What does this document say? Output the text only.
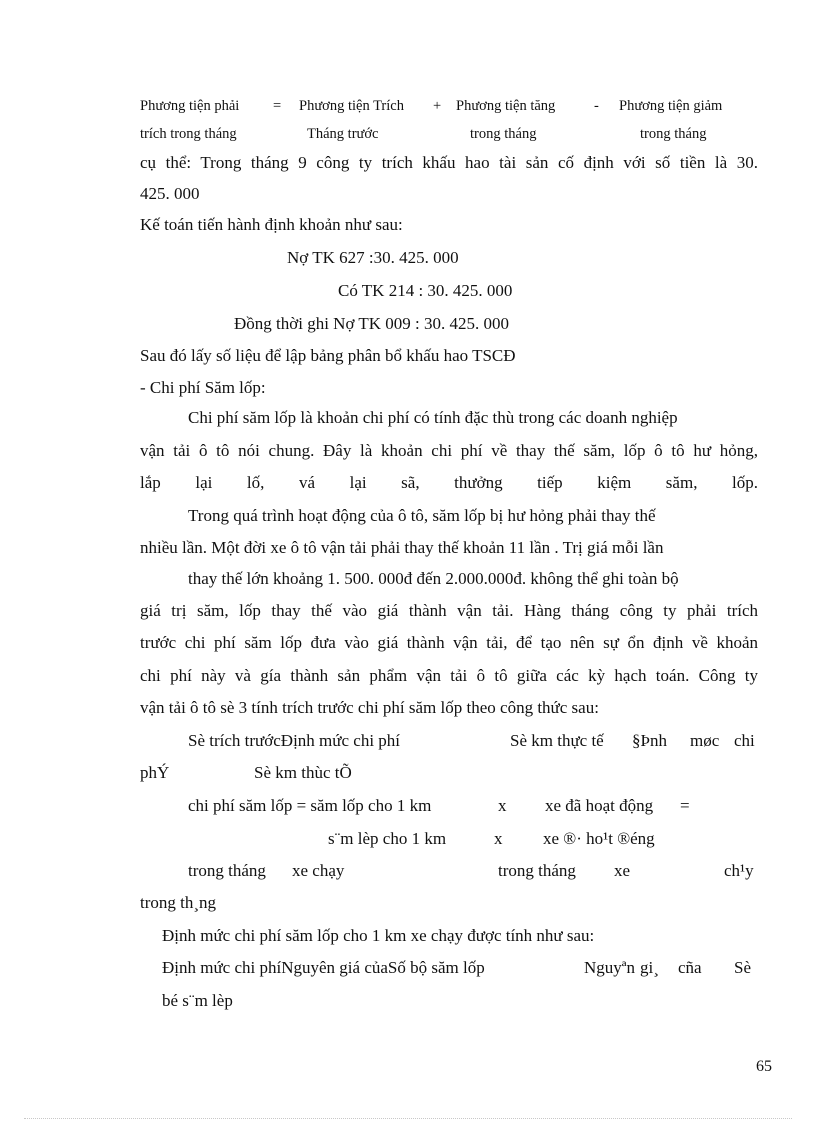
Phương tiện phải = Phương tiện Trích + Phương tiện tăng	- Phương tiện giảm
trích trong tháng	Tháng trước	trong tháng	trong tháng
cụ thể: Trong tháng 9 công ty trích khấu hao tài sản cố định với số tiền là 30.
425. 000
Kế toán tiến hành định khoản như sau:
Nợ TK 627 :30. 425. 000
Có TK 214 : 30. 425. 000
Đồng thời ghi Nợ TK 009 : 30. 425. 000
Sau đó lấy số liệu để lập bảng phân bổ khấu hao TSCĐ
- Chi phí Săm lốp:
Chi phí săm lốp là khoản chi phí có tính đặc thù trong các doanh nghiệp
vận tải ô tô nói chung. Đây là khoản chi phí về thay thế săm, lốp ô tô hư hỏng,
lắp lại lố, vá lại sã, thưởng tiếp kiệm săm, lốp.
Trong quá trình hoạt động của ô tô, săm lốp bị hư hỏng phải thay thế
nhiều lần. Một đời xe ô tô vận tải phải thay thế khoản 11 lần . Trị giá mỗi lần
thay thế lớn khoảng 1. 500. 000đ đến 2.000.000đ. không thể ghi toàn bộ
giá trị săm, lốp thay thế vào giá thành vận tải. Hàng tháng công ty phải trích
trước chi phí săm lốp đưa vào giá thành vận tải, để tạo nên sự ổn định về khoản
chi phí này và gía thành sản phẩm vận tải ô tô giữa các kỳ hạch toán. Công ty
vận tải ô tô sè 3 tính trích trước chi phí săm lốp theo công thức sau:
Sè trích trướcĐịnh mức chi phí	Sè km thực tế §Þnh møc chi
phÝ	Sè km thùc tÕ
chi phí săm lốp = săm lốp cho 1 km	x xe đã hoạt động =
s¨m lèp cho 1 km	x xe ®· ho¹t ®éng
trong tháng xe chạy	trong tháng xe	ch¹y
trong th¸ng
Định mức chi phí săm lốp cho 1 km xe chạy được tính như sau:
Định mức chi phíNguyên giá củaSố bộ săm lốp	Nguyªn gi¸ cña Sè
bé s¨m lèp
65
